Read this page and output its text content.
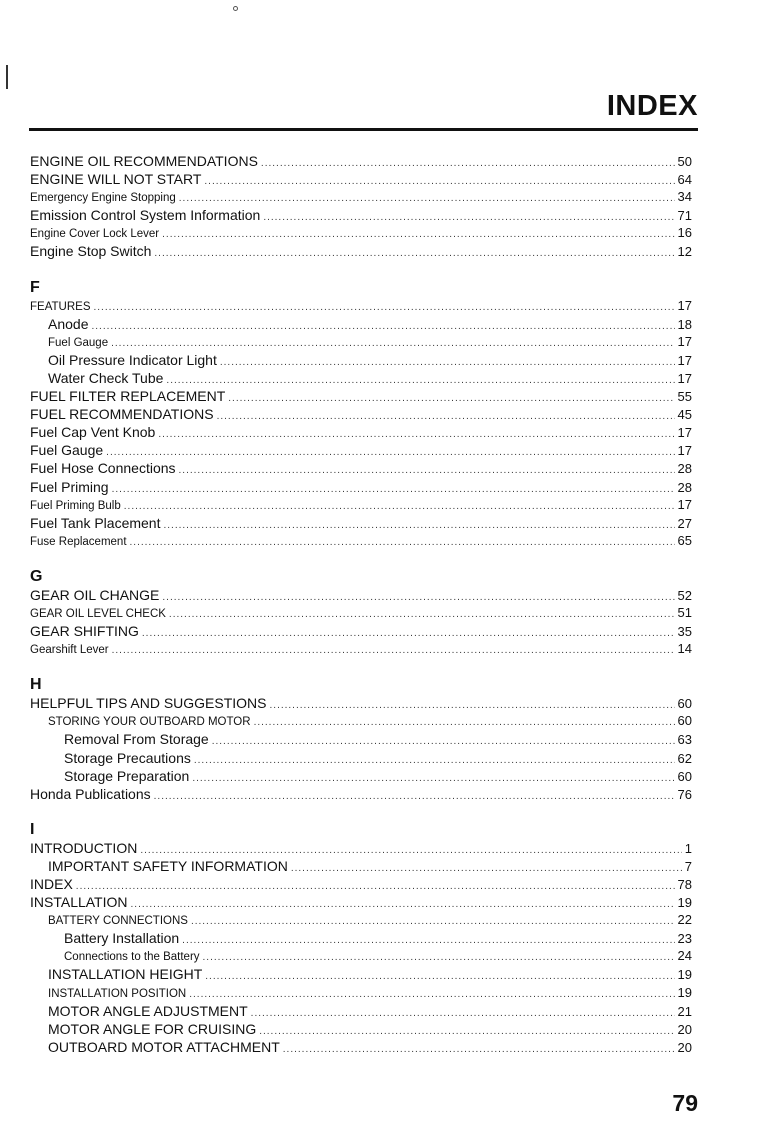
INDEX
ENGINE OIL RECOMMENDATIONS .....	50
ENGINE WILL NOT START .....	64
Emergency Engine Stopping .....	34
Emission Control System Information .....	71
Engine Cover Lock Lever .....	16
Engine Stop Switch .....	12
F
FEATURES .....	17
Anode .....	18
Fuel Gauge .....	17
Oil Pressure Indicator Light .....	17
Water Check Tube .....	17
FUEL FILTER REPLACEMENT .....	55
FUEL RECOMMENDATIONS .....	45
Fuel Cap Vent Knob .....	17
Fuel Gauge .....	17
Fuel Hose Connections .....	28
Fuel Priming .....	28
Fuel Priming Bulb .....	17
Fuel Tank Placement .....	27
Fuse Replacement .....	65
G
GEAR OIL CHANGE .....	52
GEAR OIL LEVEL CHECK .....	51
GEAR SHIFTING .....	35
Gearshift Lever .....	14
H
HELPFUL TIPS AND SUGGESTIONS .....	60
STORING YOUR OUTBOARD MOTOR .....	60
Removal From Storage .....	63
Storage Precautions .....	62
Storage Preparation .....	60
Honda Publications .....	76
I
INTRODUCTION .....	1
IMPORTANT SAFETY INFORMATION .....	7
INDEX .....	78
INSTALLATION .....	19
BATTERY CONNECTIONS .....	22
Battery Installation .....	23
Connections to the Battery .....	24
INSTALLATION HEIGHT .....	19
INSTALLATION POSITION .....	19
MOTOR ANGLE ADJUSTMENT .....	21
MOTOR ANGLE FOR CRUISING .....	20
OUTBOARD MOTOR ATTACHMENT .....	20
79
